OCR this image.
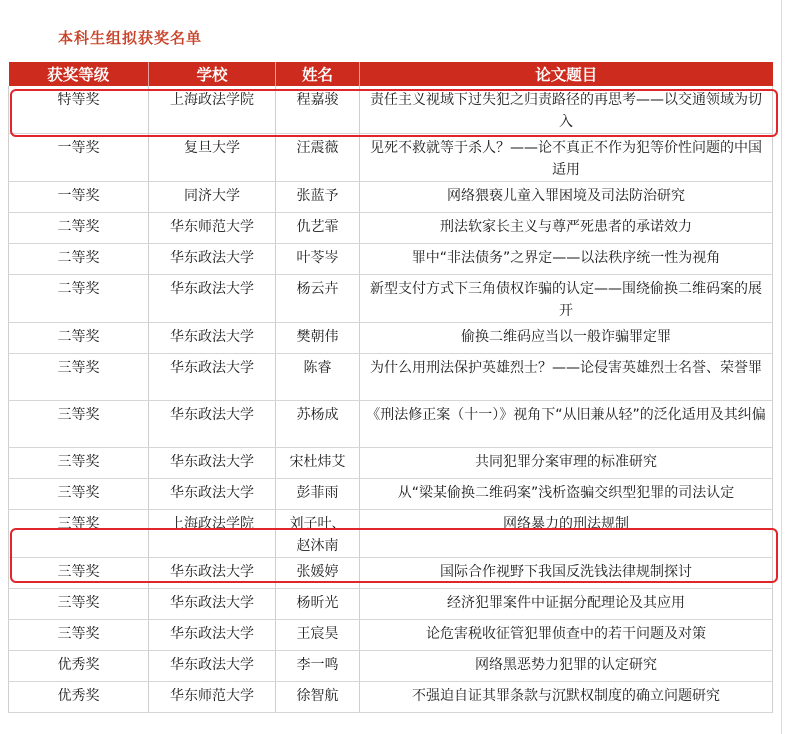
本科生组拟获奖名单
获奖等级	学校	姓名	论文题目
特等奖	上海政法学院	程嘉骏	责任主义视域下过失犯之归责路径的再思考——以交通领域为切入
一等奖	复旦大学	汪震薇	见死不救就等于杀人？——论不真正不作为犯等价性问题的中国适用
一等奖	同济大学	张蓝予	网络猥亵儿童入罪困境及司法防治研究
二等奖	华东师范大学	仇艺霏	刑法软家长主义与尊严死患者的承诺效力
二等奖	华东政法大学	叶苓岑	罪中“非法债务”之界定——以法秩序统一性为视角
二等奖	华东政法大学	杨云卉	新型支付方式下三角债权诈骗的认定——围绕偷换二维码案的展开
二等奖	华东政法大学	樊朝伟	偷换二维码应当以一般诈骗罪定罪
三等奖	华东政法大学	陈睿	为什么用刑法保护英雄烈士？——论侵害英雄烈士名誉、荣誉罪
三等奖	华东政法大学	苏杨成	《刑法修正案（十一）》视角下“从旧兼从轻”的泛化适用及其纠偏
三等奖	华东政法大学	宋杜炜艾	共同犯罪分案审理的标准研究
三等奖	华东政法大学	彭菲雨	从“梁某偷换二维码案”浅析盗骗交织型犯罪的司法认定
三等奖	上海政法学院	刘子叶、赵沐南	网络暴力的刑法规制
三等奖	华东政法大学	张媛婷	国际合作视野下我国反洗钱法律规制探讨
三等奖	华东政法大学	杨昕光	经济犯罪案件中证据分配理论及其应用
三等奖	华东政法大学	王宸昊	论危害税收征管犯罪侦查中的若干问题及对策
优秀奖	华东政法大学	李一鸣	网络黑恶势力犯罪的认定研究
优秀奖	华东师范大学	徐智航	不强迫自证其罪条款与沉默权制度的确立问题研究
